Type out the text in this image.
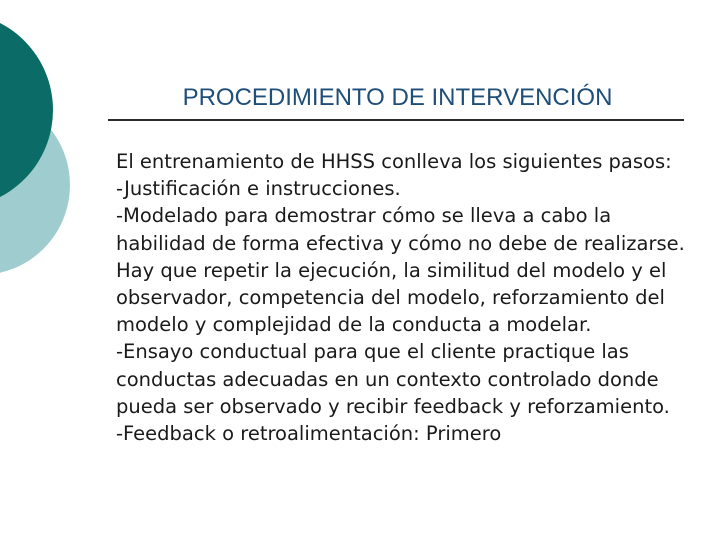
PROCEDIMIENTO DE INTERVENCIÓN

El entrenamiento de HHSS conlleva los siguientes pasos:

-Justificación e instrucciones.

-Modelado para demostrar cómo se lleva a cabo la habilidad de forma efectiva y cómo no debe de realizarse. Hay que repetir la ejecución, la similitud del modelo y el observador, competencia del modelo, reforzamiento del modelo y complejidad de la conducta a modelar.

-Ensayo conductual para que el cliente practique las conductas adecuadas en un contexto controlado donde pueda ser observado y recibir feedback y reforzamiento.

-Feedback o retroalimentación: Primero
